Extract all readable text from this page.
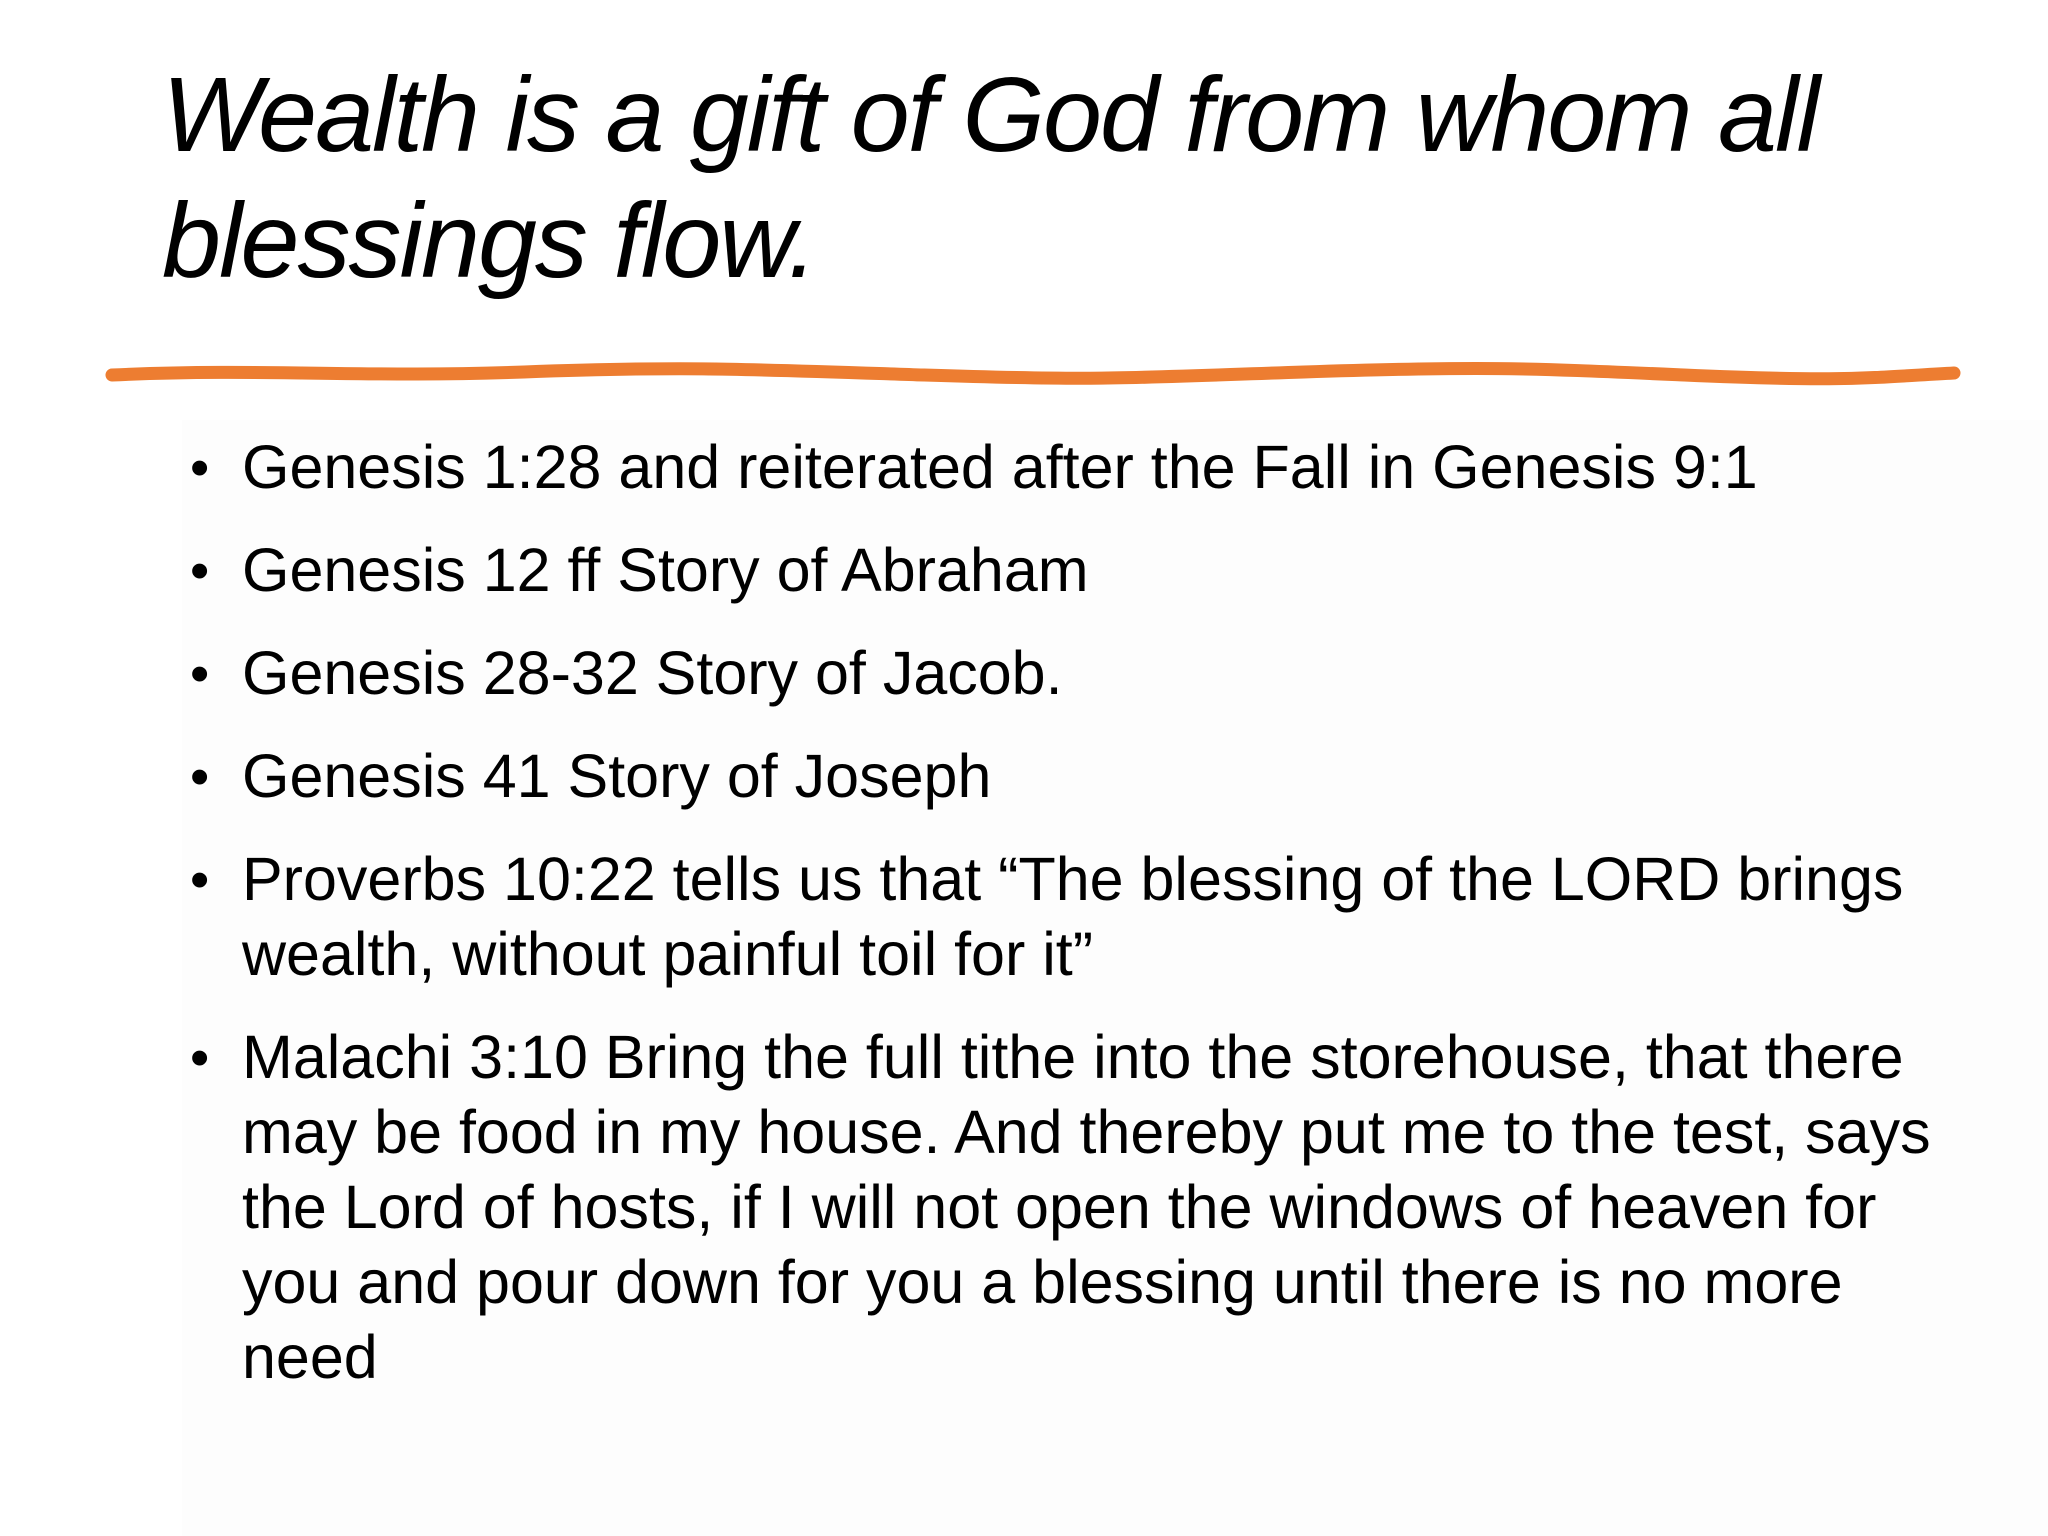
Wealth is a gift of God from whom all blessings flow.
• Genesis 1:28 and reiterated after the Fall in Genesis 9:1
• Genesis 12 ff Story of Abraham
• Genesis 28-32 Story of Jacob.
• Genesis 41 Story of Joseph
• Proverbs 10:22 tells us that “The blessing of the LORD brings wealth, without painful toil for it”
• Malachi 3:10 Bring the full tithe into the storehouse, that there may be food in my house. And thereby put me to the test, says the Lord of hosts, if I will not open the windows of heaven for you and pour down for you a blessing until there is no more need
